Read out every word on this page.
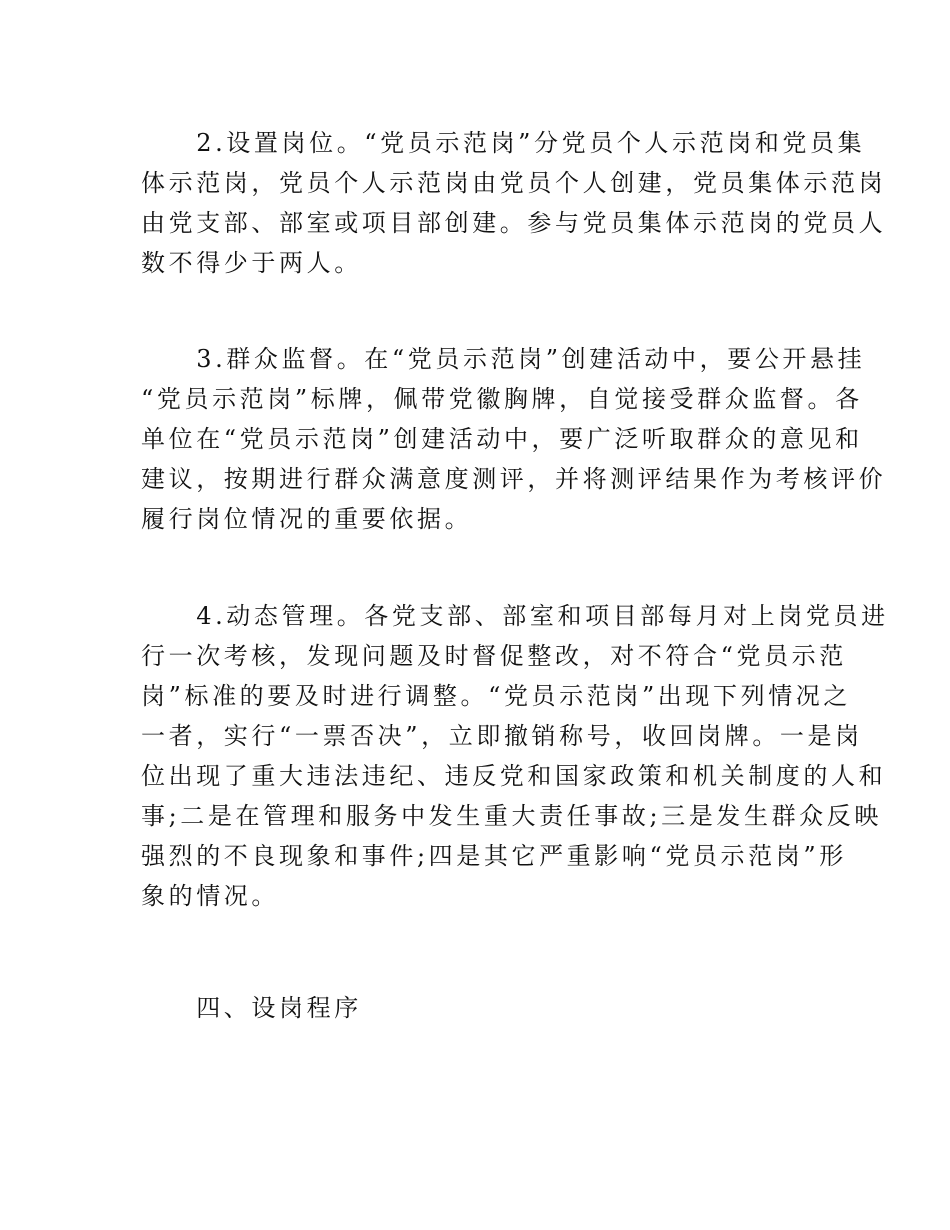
　　2.设置岗位。“党员示范岗”分党员个人示范岗和党员集
体示范岗，党员个人示范岗由党员个人创建，党员集体示范岗
由党支部、部室或项目部创建。参与党员集体示范岗的党员人
数不得少于两人。
　　3.群众监督。在“党员示范岗”创建活动中，要公开悬挂
“党员示范岗”标牌，佩带党徽胸牌，自觉接受群众监督。各
单位在“党员示范岗”创建活动中，要广泛听取群众的意见和
建议，按期进行群众满意度测评，并将测评结果作为考核评价
履行岗位情况的重要依据。
　　4.动态管理。各党支部、部室和项目部每月对上岗党员进
行一次考核，发现问题及时督促整改，对不符合“党员示范
岗”标准的要及时进行调整。“党员示范岗”出现下列情况之
一者，实行“一票否决”，立即撤销称号，收回岗牌。一是岗
位出现了重大违法违纪、违反党和国家政策和机关制度的人和
事;二是在管理和服务中发生重大责任事故;三是发生群众反映
强烈的不良现象和事件;四是其它严重影响“党员示范岗”形
象的情况。
　　四、设岗程序
